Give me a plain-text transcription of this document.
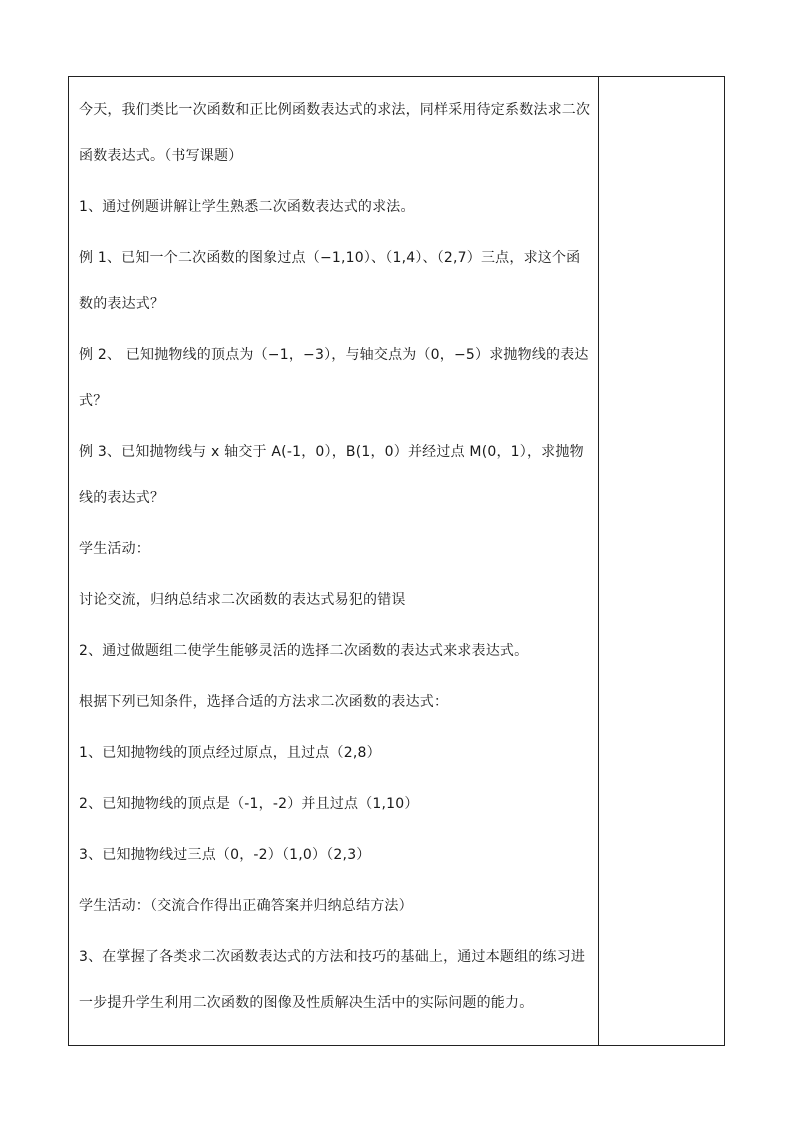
今天，我们类比一次函数和正比例函数表达式的求法，同样采用待定系数法求二次函数表达式。（书写课题）

1、通过例题讲解让学生熟悉二次函数表达式的求法。

例 1、已知一个二次函数的图象过点（−1,10）、（1,4）、（2,7）三点，求这个函数的表达式？

例 2、 已知抛物线的顶点为（−1，−3），与轴交点为（0，−5）求抛物线的表达式？

例 3、已知抛物线与 x 轴交于 A(-1，0），B(1，0）并经过点 M(0，1），求抛物线的表达式？

学生活动：

讨论交流，归纳总结求二次函数的表达式易犯的错误

2、通过做题组二使学生能够灵活的选择二次函数的表达式来求表达式。

根据下列已知条件，选择合适的方法求二次函数的表达式：

1、已知抛物线的顶点经过原点，且过点（2,8）

2、已知抛物线的顶点是（-1，-2）并且过点（1,10）

3、已知抛物线过三点（0，-2）（1,0）（2,3）

学生活动：（交流合作得出正确答案并归纳总结方法）

3、在掌握了各类求二次函数表达式的方法和技巧的基础上，通过本题组的练习进一步提升学生利用二次函数的图像及性质解决生活中的实际问题的能力。
